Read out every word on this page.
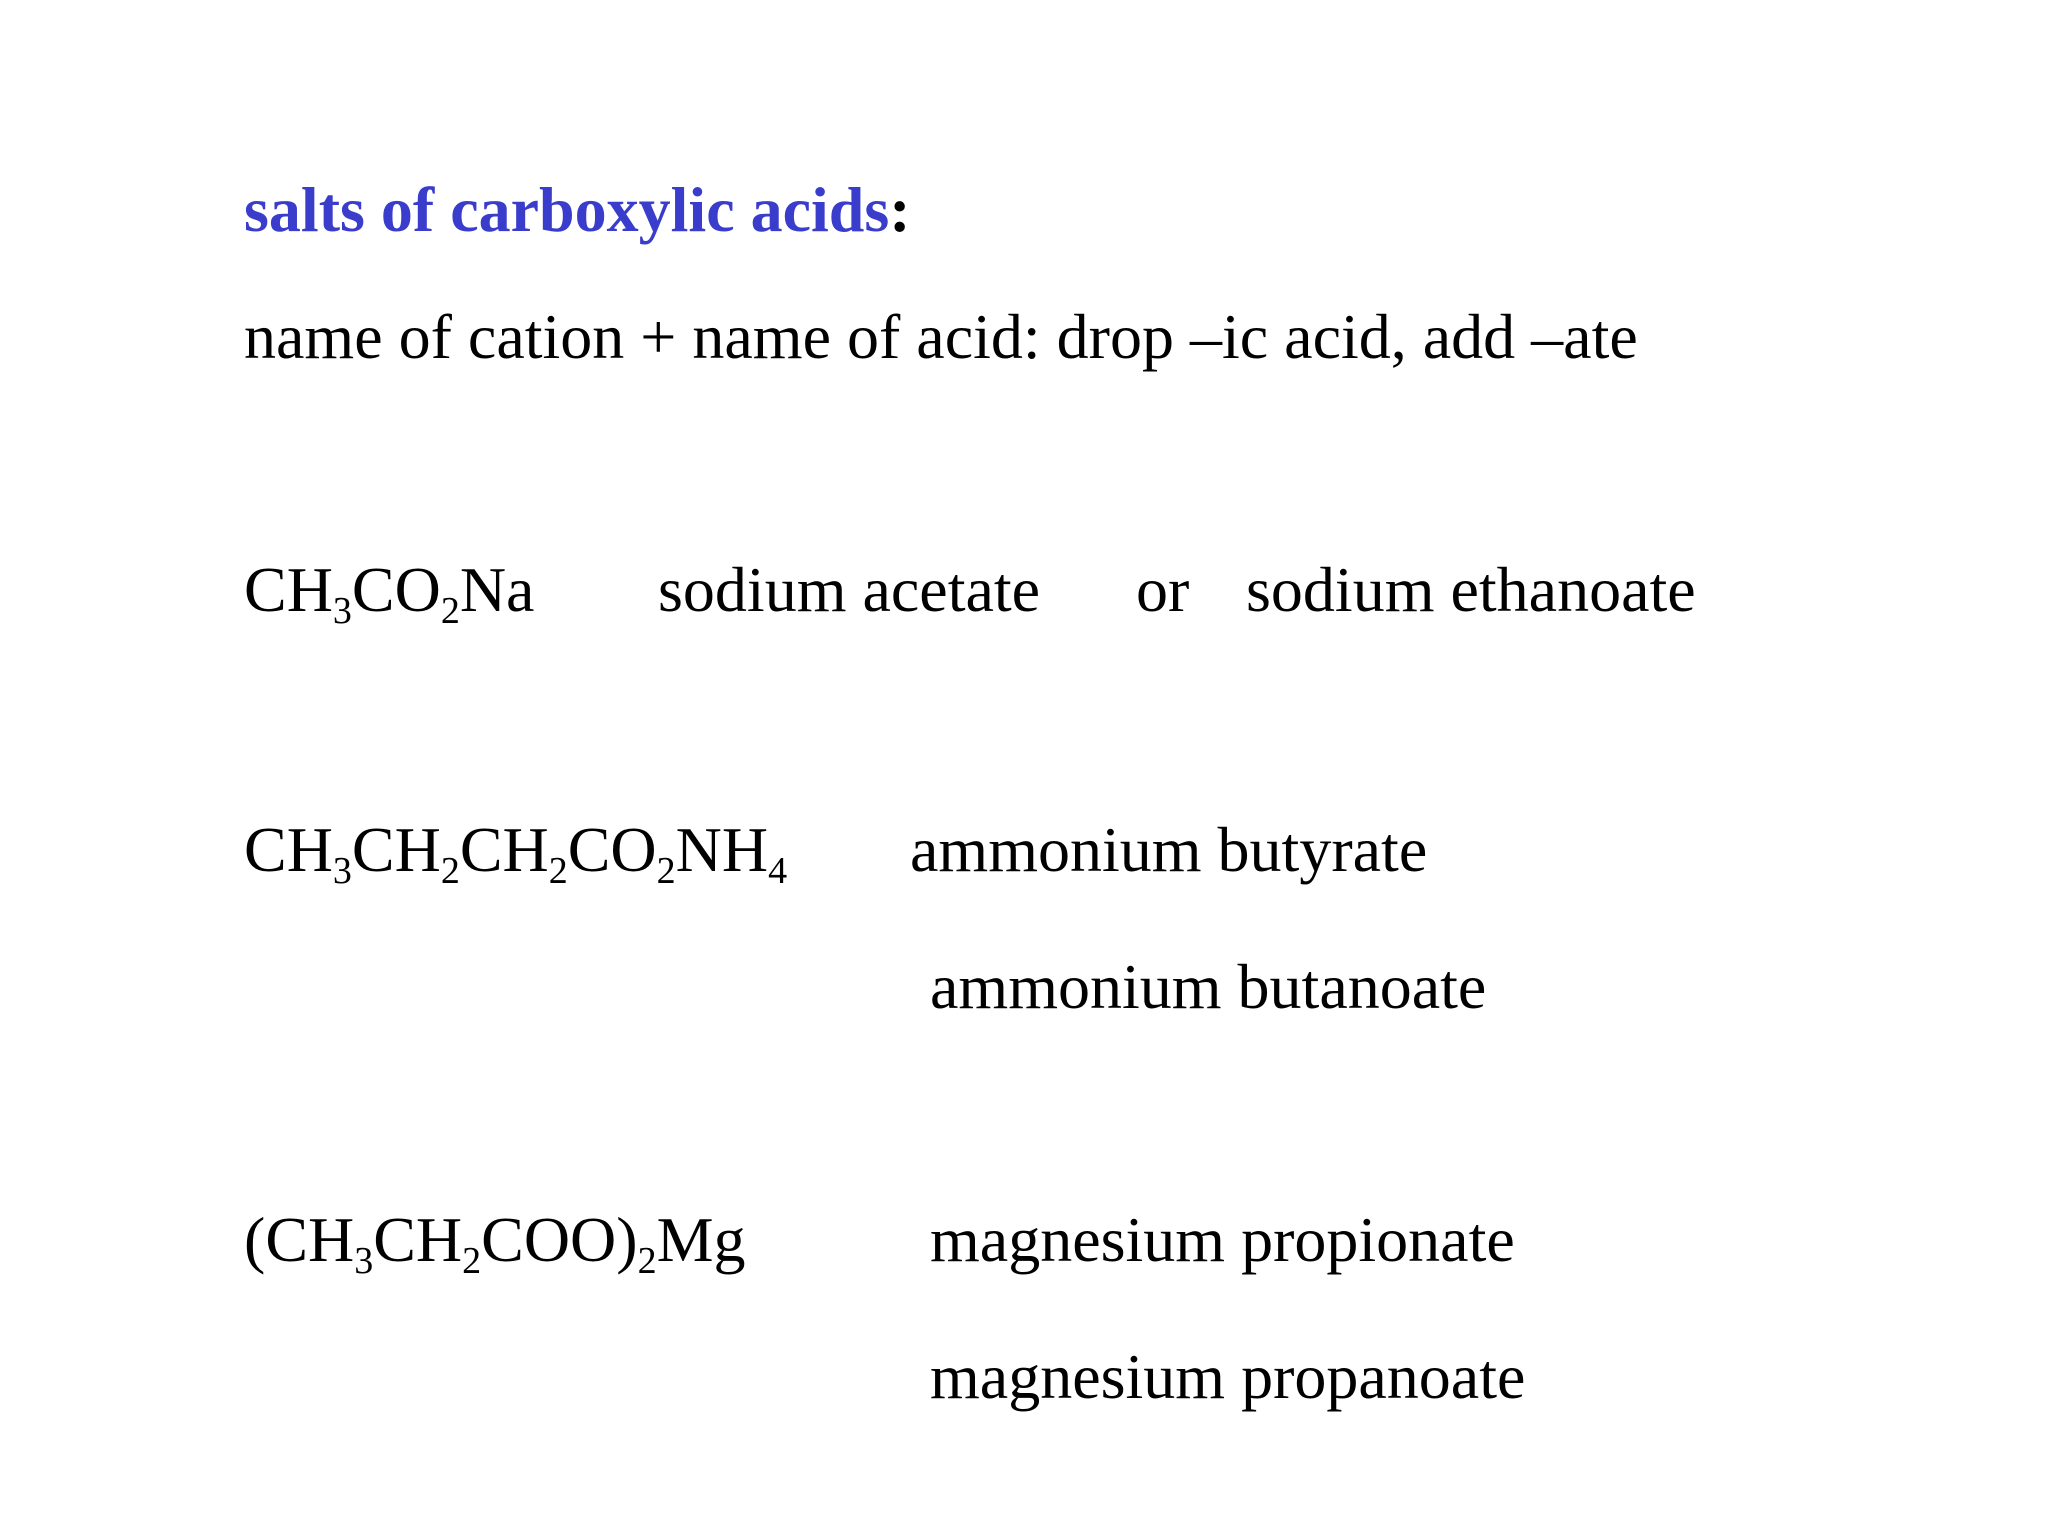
salts of carboxylic acids:
name of cation + name of acid: drop –ic acid, add –ate
$CH_3CO_2Na$ sodium acetate or sodium ethanoate
$CH_3CH_2CH_2CO_2NH_4$ ammonium butyrate
ammonium butanoate
$(CH_3CH_2COO)_2Mg$	magnesium propionate
magnesium propanoate
